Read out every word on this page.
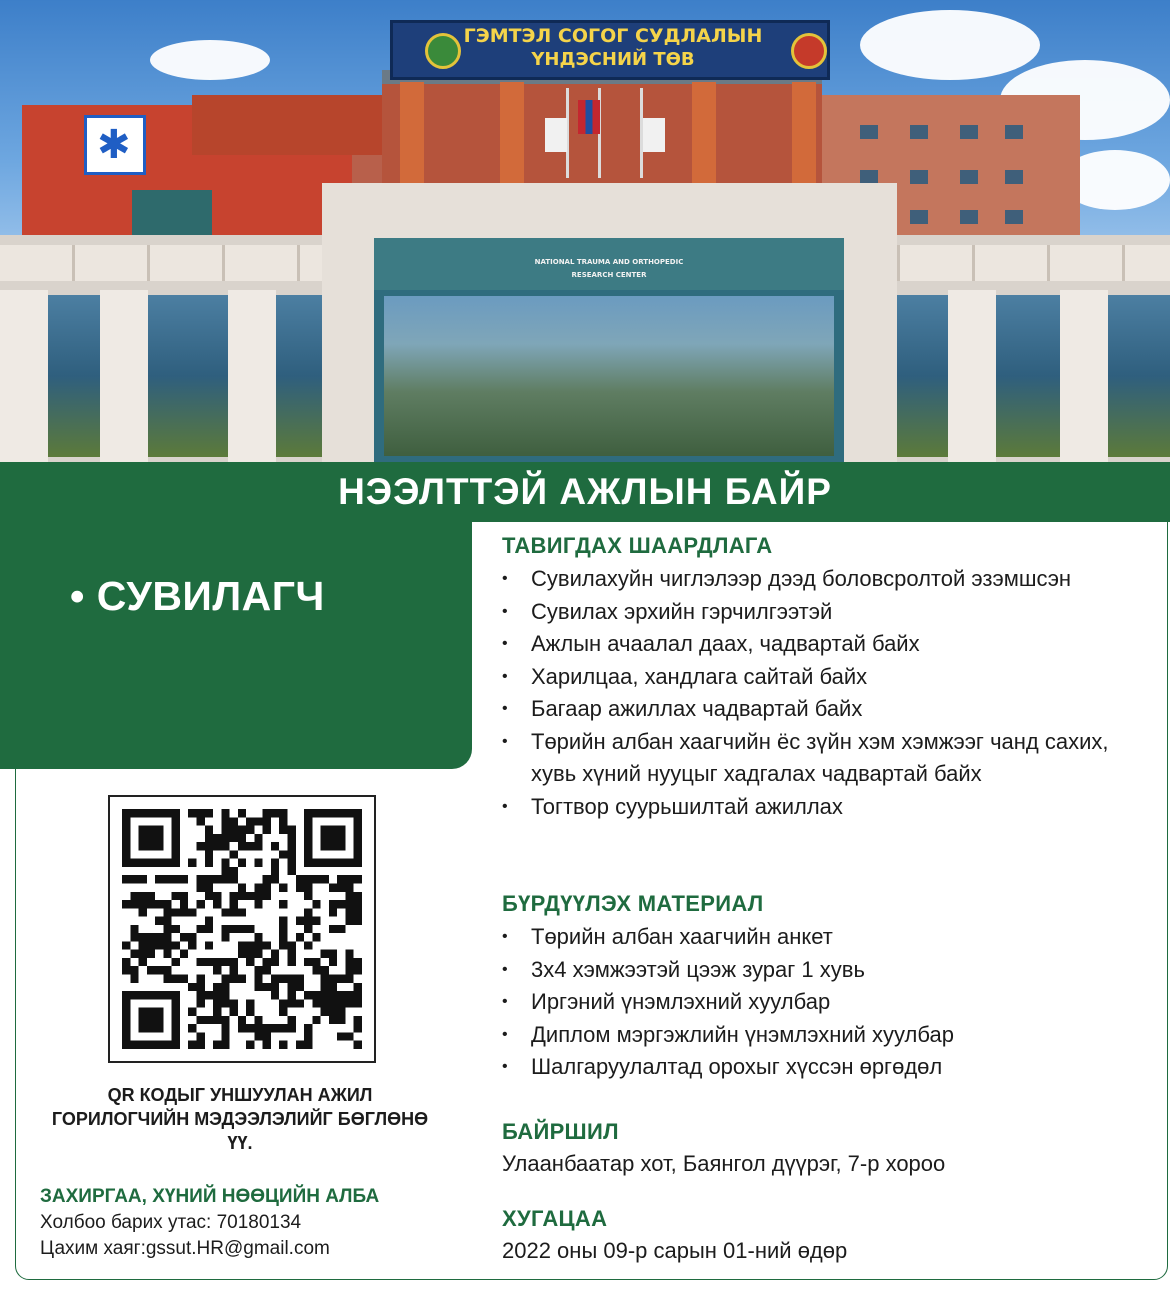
✱
ГЭМТЭЛ СОГОГ СУДЛАЛЫН
ҮНДЭСНИЙ ТӨВ
NATIONAL TRAUMA AND ORTHOPEDIC
RESEARCH CENTER
НЭЭЛТТЭЙ АЖЛЫН БАЙР
• СУВИЛАГЧ
QR КОДЫГ УНШУУЛАН АЖИЛ ГОРИЛОГЧИЙН МЭДЭЭЛЭЛИЙГ БӨГЛӨНӨ ҮҮ.
ЗАХИРГАА, ХҮНИЙ НӨӨЦИЙН АЛБА
Холбоо барих утас: 70180134
Цахим хаяг:gssut.HR@gmail.com
ТАВИГДАХ ШААРДЛАГА
• Сувилахуйн чиглэлээр дээд боловсролтой эзэмшсэн
• Сувилах эрхийн гэрчилгээтэй
• Ажлын ачаалал даах, чадвартай байх
• Харилцаа, хандлага сайтай байх
• Багаар ажиллах чадвартай байх
• Төрийн албан хаагчийн ёс зүйн хэм хэмжээг чанд сахих, хувь хүний нууцыг хадгалах чадвартай байх
• Тогтвор суурьшилтай ажиллах
БҮРДҮҮЛЭХ МАТЕРИАЛ
• Төрийн албан хаагчийн анкет
• 3х4 хэмжээтэй цээж зураг 1 хувь
• Иргэний үнэмлэхний хуулбар
• Диплом мэргэжлийн үнэмлэхний хуулбар
• Шалгаруулалтад орохыг хүссэн өргөдөл
БАЙРШИЛ
Улаанбаатар хот, Баянгол дүүрэг, 7-р хороо
ХУГАЦАА
2022 оны 09-р сарын 01-ний өдөр
